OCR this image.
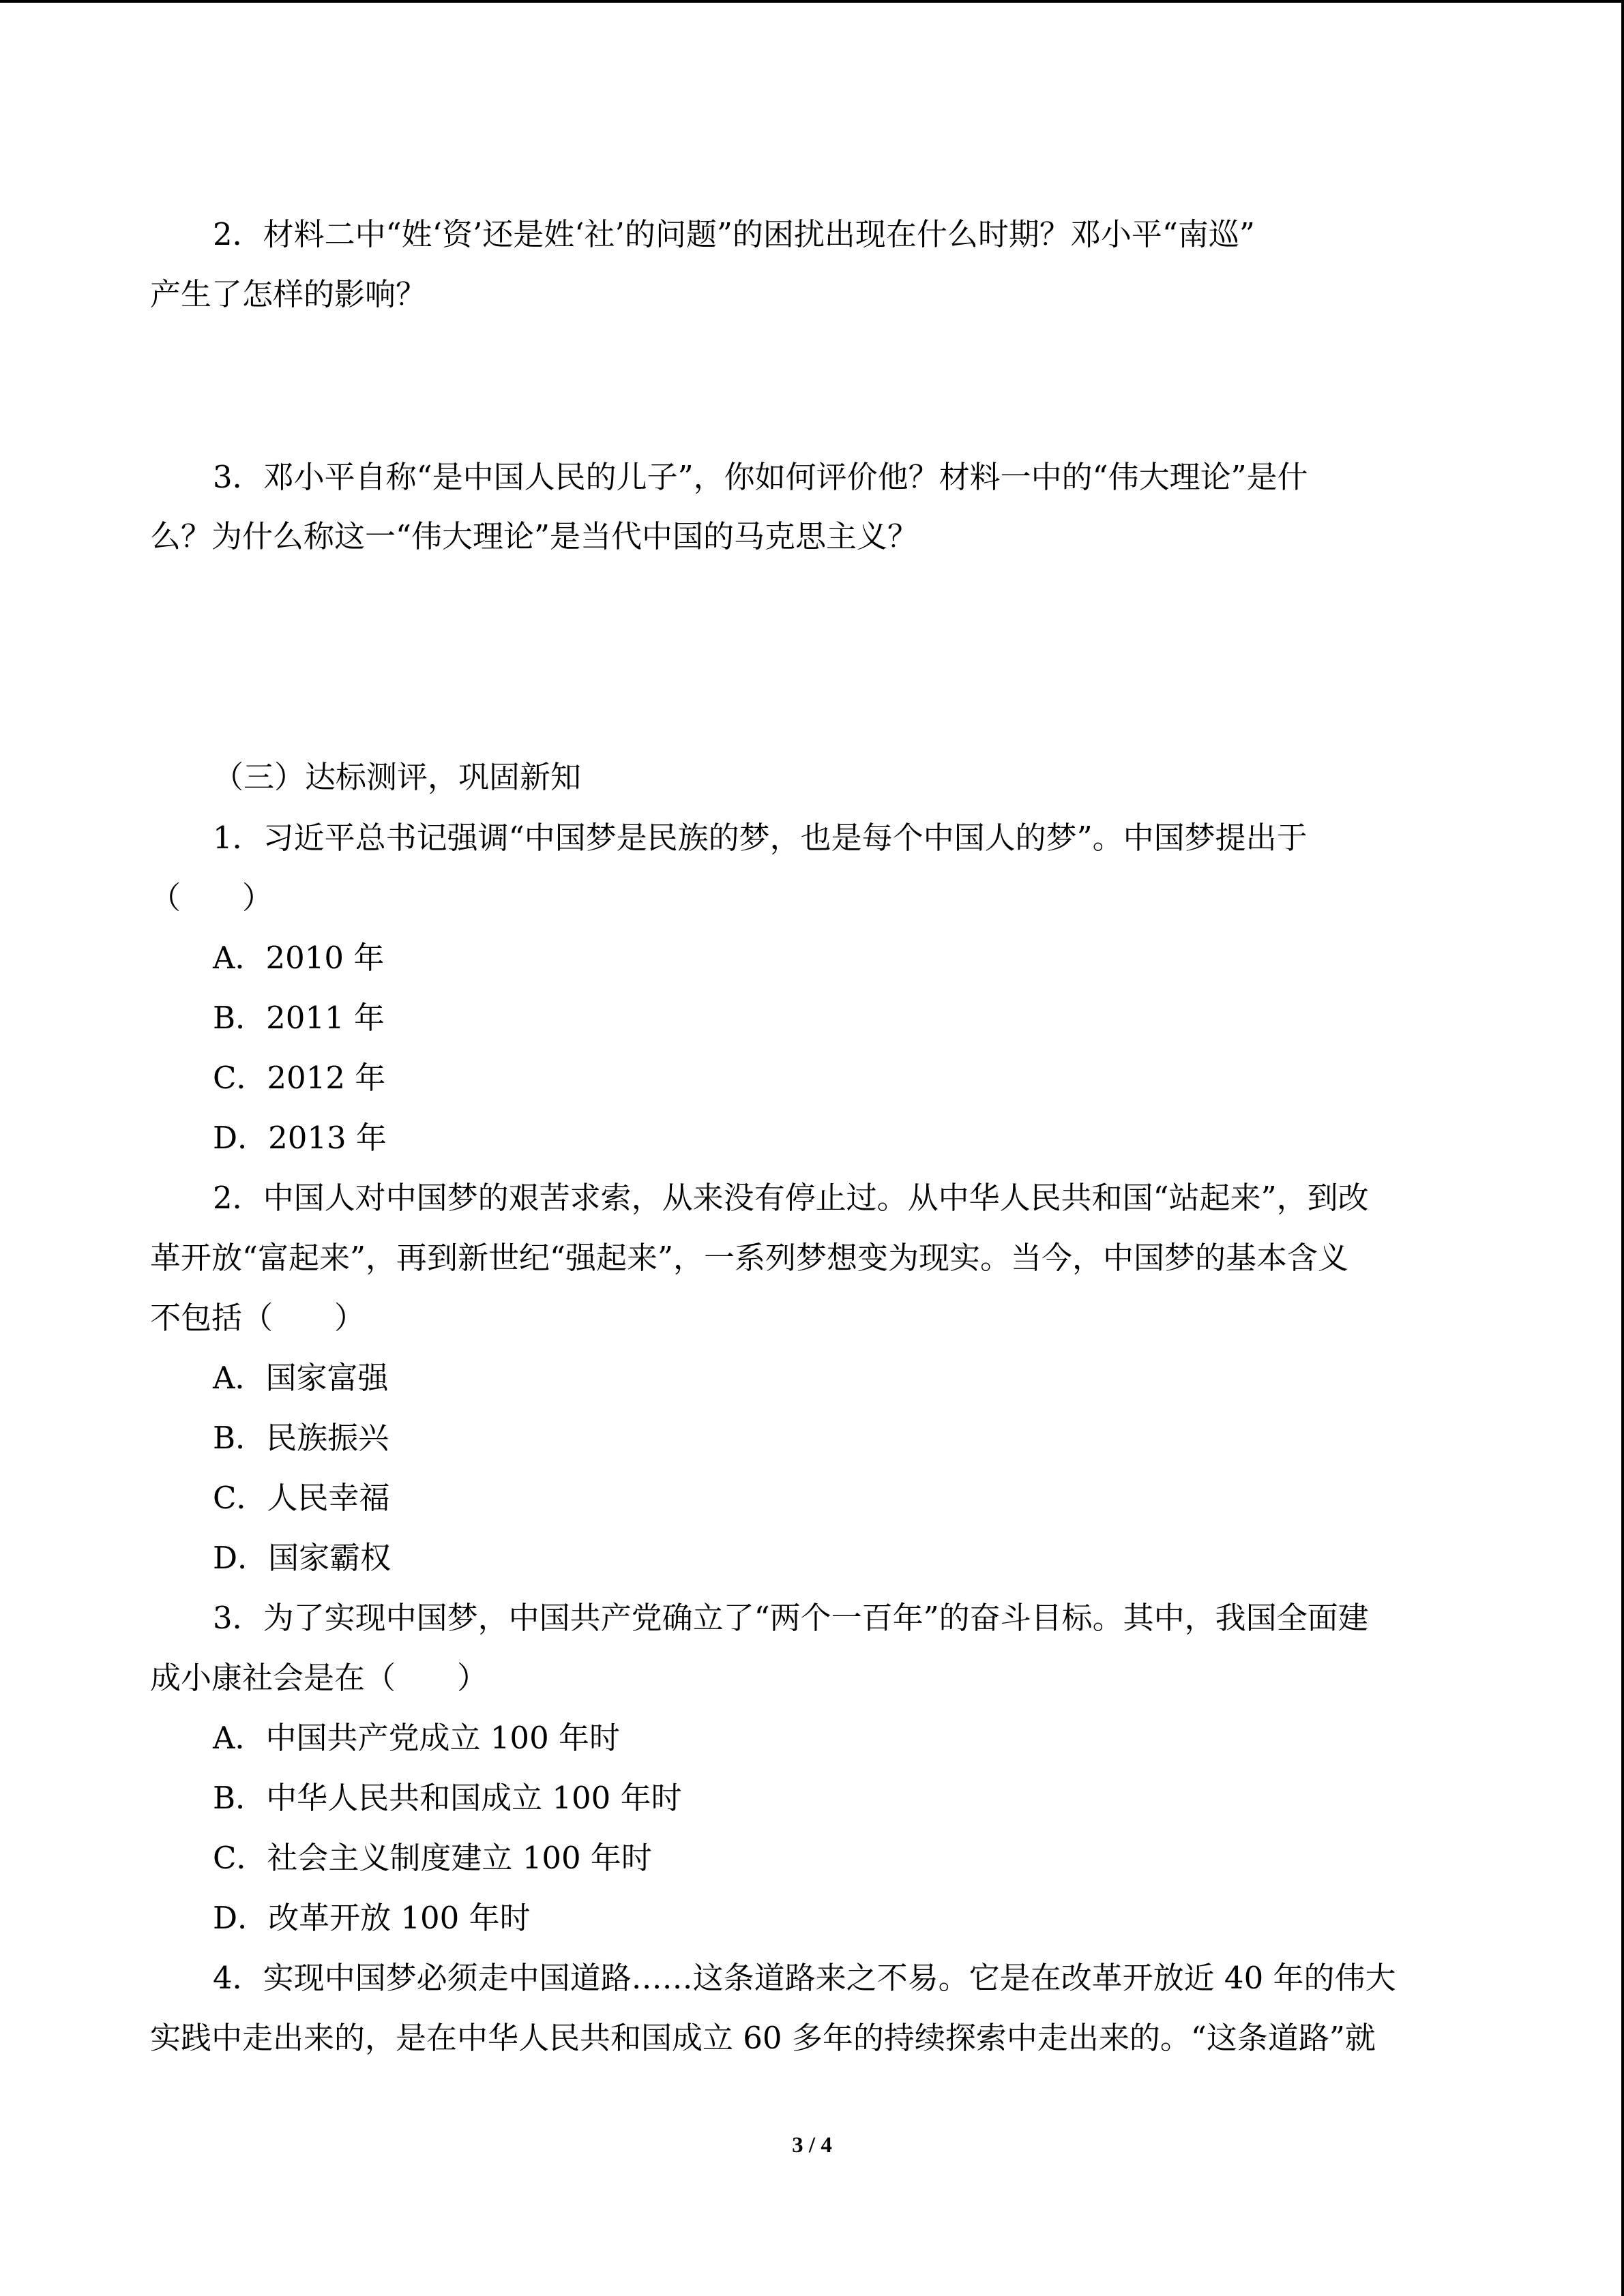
2．材料二中“姓‘资’还是姓‘社’的问题”的困扰出现在什么时期？邓小平“南巡”
产生了怎样的影响？
3．邓小平自称“是中国人民的儿子”，你如何评价他？材料一中的“伟大理论”是什
么？为什么称这一“伟大理论”是当代中国的马克思主义？
（三）达标测评，巩固新知
1．习近平总书记强调“中国梦是民族的梦，也是每个中国人的梦”。中国梦提出于
（　　）
A．2010 年
B．2011 年
C．2012 年
D．2013 年
2．中国人对中国梦的艰苦求索，从来没有停止过。从中华人民共和国“站起来”，到改
革开放“富起来”，再到新世纪“强起来”，一系列梦想变为现实。当今，中国梦的基本含义
不包括（　　）
A．国家富强
B．民族振兴
C．人民幸福
D．国家霸权
3．为了实现中国梦，中国共产党确立了“两个一百年”的奋斗目标。其中，我国全面建
成小康社会是在（　　）
A．中国共产党成立 100 年时
B．中华人民共和国成立 100 年时
C．社会主义制度建立 100 年时
D．改革开放 100 年时
4．实现中国梦必须走中国道路……这条道路来之不易。它是在改革开放近 40 年的伟大
实践中走出来的，是在中华人民共和国成立 60 多年的持续探索中走出来的。“这条道路”就
3 / 4
